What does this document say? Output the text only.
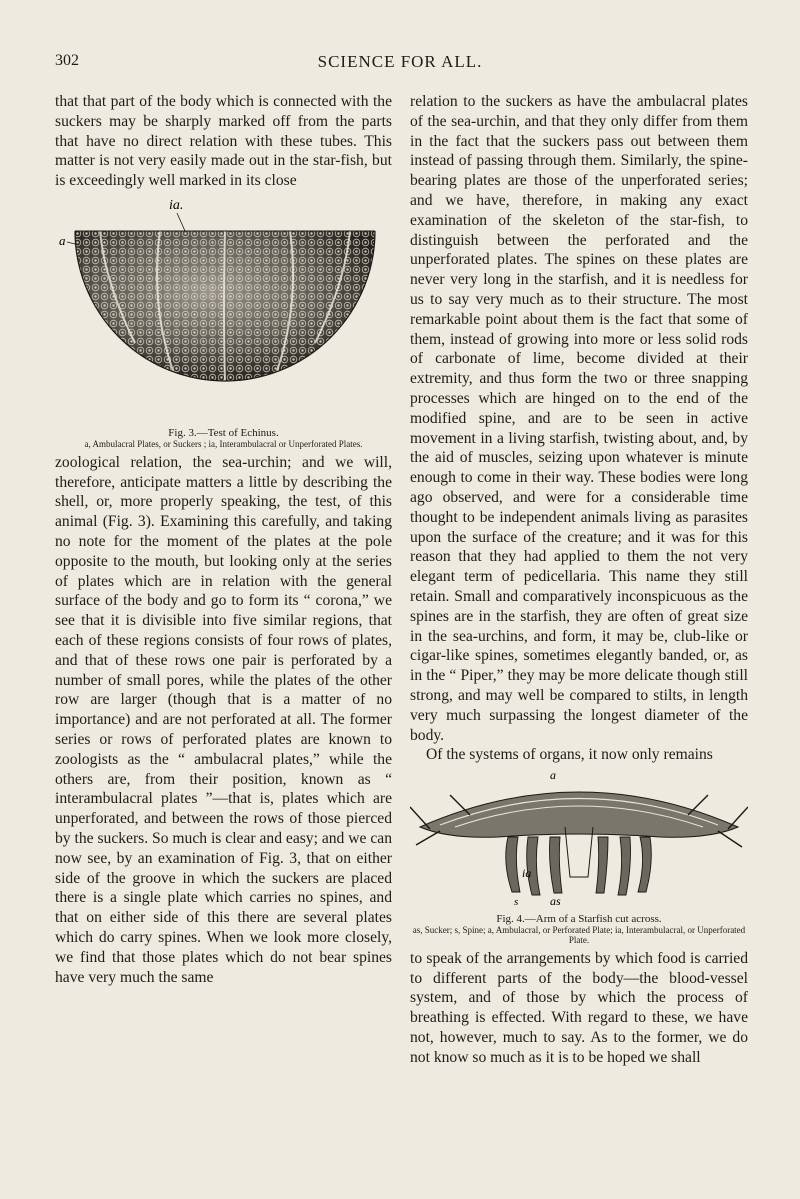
302	SCIENCE FOR ALL.

that that part of the body which is connected with the suckers may be sharply marked off from the parts that have no direct relation with these tubes. This matter is not very easily made out in the star-fish, but is exceedingly well marked in its close

ia.
a

Fig. 3.—Test of Echinus.

a, Ambulacral Plates, or Suckers ; ia, Interambulacral or Unperforated Plates.

zoological relation, the sea-urchin; and we will, therefore, anticipate matters a little by describing the shell, or, more properly speaking, the test, of this animal (Fig. 3). Examining this carefully, and taking no note for the moment of the plates at the pole opposite to the mouth, but looking only at the series of plates which are in relation with the general surface of the body and go to form its “ corona,” we see that it is divisible into five similar regions, that each of these regions consists of four rows of plates, and that of these rows one pair is perforated by a number of small pores, while the plates of the other row are larger (though that is a matter of no importance) and are not perforated at all. The former series or rows of perforated plates are known to zoologists as the “ ambulacral plates,” while the others are, from their position, known as “ interambulacral plates ”—that is, plates which are unperforated, and between the rows of those pierced by the suckers. So much is clear and easy; and we can now see, by an examination of Fig. 3, that on either side of the groove in which the suckers are placed there is a single plate which carries no spines, and that on either side of this there are several plates which do carry spines. When we look more closely, we find that those plates which do not bear spines have very much the same

relation to the suckers as have the ambulacral plates of the sea-urchin, and that they only differ from them in the fact that the suckers pass out between them instead of passing through them. Similarly, the spine-bearing plates are those of the unperforated series; and we have, therefore, in making any exact examination of the skeleton of the star-fish, to distinguish between the perforated and the unperforated plates. The spines on these plates are never very long in the starfish, and it is needless for us to say very much as to their structure. The most remarkable point about them is the fact that some of them, instead of growing into more or less solid rods of carbonate of lime, become divided at their extremity, and thus form the two or three snapping processes which are hinged on to the end of the modified spine, and are to be seen in active movement in a living starfish, twisting about, and, by the aid of muscles, seizing upon whatever is minute enough to come in their way. These bodies were long ago observed, and were for a considerable time thought to be independent animals living as parasites upon the surface of the creature; and it was for this reason that they had applied to them the not very elegant term of pedicellaria. This name they still retain. Small and comparatively inconspicuous as the spines are in the starfish, they are often of great size in the sea-urchins, and form, it may be, club-like or cigar-like spines, sometimes elegantly banded, or, as in the “ Piper,” they may be more delicate though still strong, and may well be compared to stilts, in length very much surpassing the longest diameter of the body.

Of the systems of organs, it now only remains

a
ia
s	as

Fig. 4.—Arm of a Starfish cut across.

as, Sucker; s, Spine; a, Ambulacral, or Perforated Plate; ia, Interambulacral, or Unperforated Plate.

to speak of the arrangements by which food is carried to different parts of the body—the blood-vessel system, and of those by which the process of breathing is effected. With regard to these, we have not, however, much to say. As to the former, we do not know so much as it is to be hoped we shall
